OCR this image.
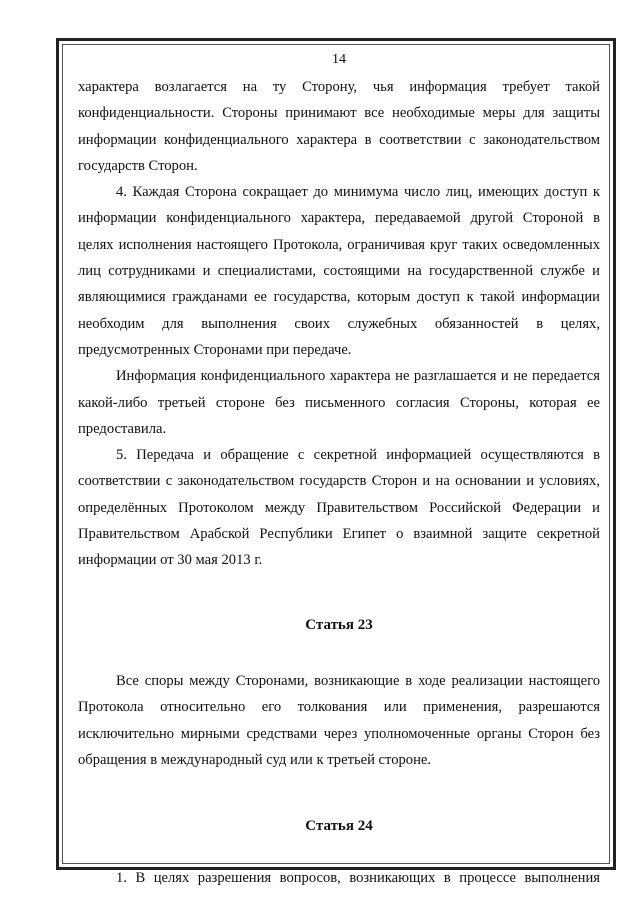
14

характера возлагается на ту Сторону, чья информация требует такой конфиденциальности. Стороны принимают все необходимые меры для защиты информации конфиденциального характера в соответствии с законодательством государств Сторон.

4. Каждая Сторона сокращает до минимума число лиц, имеющих доступ к информации конфиденциального характера, передаваемой другой Стороной в целях исполнения настоящего Протокола, ограничивая круг таких осведомленных лиц сотрудниками и специалистами, состоящими на государственной службе и являющимися гражданами ее государства, которым доступ к такой информации необходим для выполнения своих служебных обязанностей в целях, предусмотренных Сторонами при передаче.

Информация конфиденциального характера не разглашается и не передается какой-либо третьей стороне без письменного согласия Стороны, которая ее предоставила.

5. Передача и обращение с секретной информацией осуществляются в соответствии с законодательством государств Сторон и на основании и условиях, определённых Протоколом между Правительством Российской Федерации и Правительством Арабской Республики Египет о взаимной защите секретной информации от 30 мая 2013 г.

Статья 23

Все споры между Сторонами, возникающие в ходе реализации настоящего Протокола относительно его толкования или применения, разрешаются исключительно мирными средствами через уполномоченные органы Сторон без обращения в международный суд или к третьей стороне.

Статья 24

1. В целях разрешения вопросов, возникающих в процессе выполнения
